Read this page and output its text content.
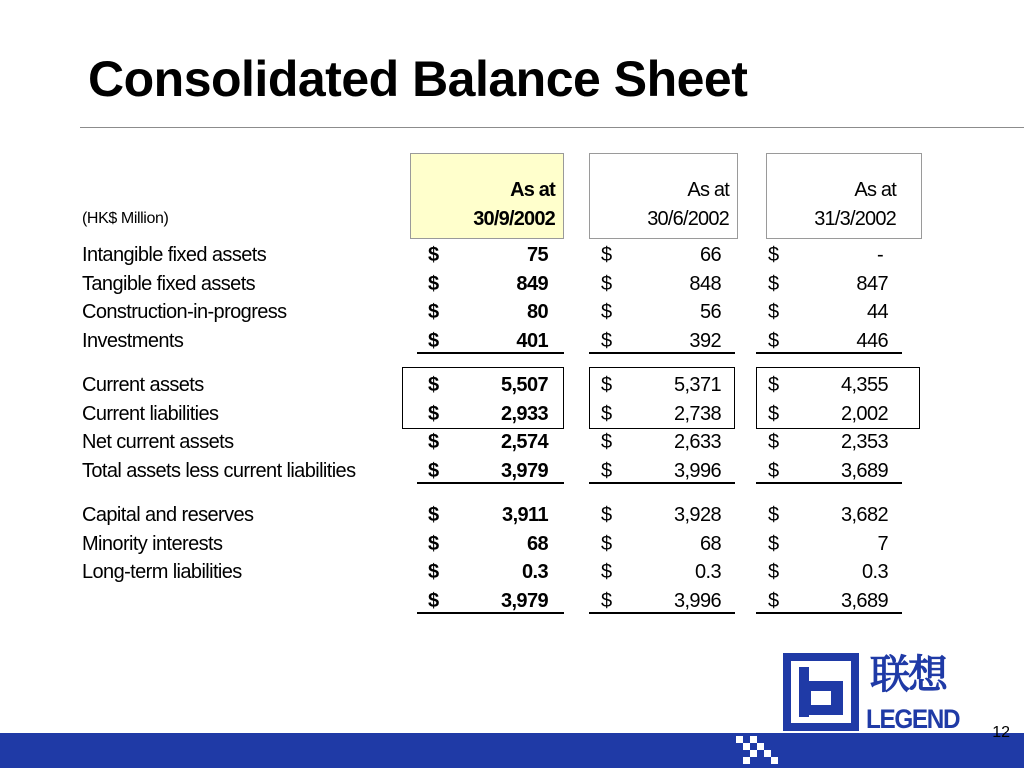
Consolidated Balance Sheet
As at
30/9/2002
As at
30/6/2002
As at
31/3/2002
Intangible fixed assets	$	75	$	66 $	-
Tangible fixed assets	$	849	$	848 $	847
Construction-in-progress	$	80	$	56 $	44
Investments	$	401	$	392 $	446
Current assets	$	5,507	$	5,371 $	4,355
Current liabilities	$	2,933	$	2,738 $	2,002
Net current assets	$	2,574	$	2,633 $	2,353
Total assets less current liabilities	$	3,979	$	3,996 $	3,689
Capital and reserves	$	3,911	$	3,928 $	3,682
Minority interests	$	68	$	68 $	7
Long-term liabilities	$	0.3	$	0.3 $	0.3
$	3,979	$	3,996 $	3,689
(HK$ Million)
联想
LEGEND 12
